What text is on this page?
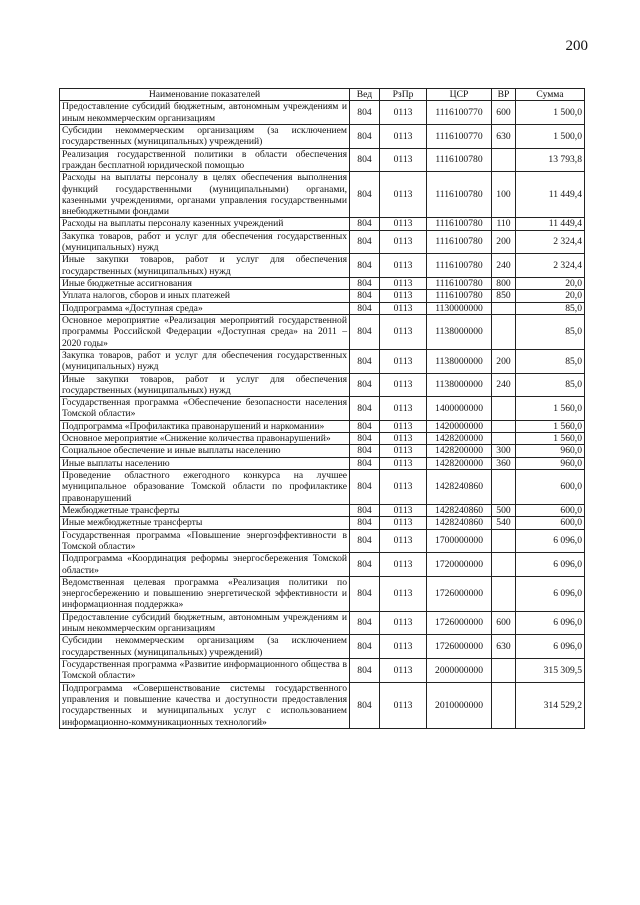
200
Наименование показателей	Вед	РзПр	ЦСР	ВР	Сумма
Предоставление субсидий бюджетным, автономным учреждениям и иным некоммерческим организациям	804	0113	1116100770	600	1 500,0
Субсидии некоммерческим организациям (за исключением государственных (муниципальных) учреждений)	804	0113	1116100770	630	1 500,0
Реализация государственной политики в области обеспечения граждан бесплатной юридической помощью	804	0113	1116100780		13 793,8
Расходы на выплаты персоналу в целях обеспечения выполнения функций государственными (муниципальными) органами, казенными учреждениями, органами управления государственными внебюджетными фондами	804	0113	1116100780	100	11 449,4
Расходы на выплаты персоналу казенных учреждений	804	0113	1116100780	110	11 449,4
Закупка товаров, работ и услуг для обеспечения государственных (муниципальных) нужд	804	0113	1116100780	200	2 324,4
Иные закупки товаров, работ и услуг для обеспечения государственных (муниципальных) нужд	804	0113	1116100780	240	2 324,4
Иные бюджетные ассигнования	804	0113	1116100780	800	20,0
Уплата налогов, сборов и иных платежей	804	0113	1116100780	850	20,0
Подпрограмма «Доступная среда»	804	0113	1130000000		85,0
Основное мероприятие «Реализация мероприятий государственной программы Российской Федерации «Доступная среда» на 2011 – 2020 годы»	804	0113	1138000000		85,0
Закупка товаров, работ и услуг для обеспечения государственных (муниципальных) нужд	804	0113	1138000000	200	85,0
Иные закупки товаров, работ и услуг для обеспечения государственных (муниципальных) нужд	804	0113	1138000000	240	85,0
Государственная программа «Обеспечение безопасности населения Томской области»	804	0113	1400000000		1 560,0
Подпрограмма «Профилактика правонарушений и наркомании»	804	0113	1420000000		1 560,0
Основное мероприятие «Снижение количества правонарушений»	804	0113	1428200000		1 560,0
Социальное обеспечение и иные выплаты населению	804	0113	1428200000	300	960,0
Иные выплаты населению	804	0113	1428200000	360	960,0
Проведение областного ежегодного конкурса на лучшее муниципальное образование Томской области по профилактике правонарушений	804	0113	1428240860		600,0
Межбюджетные трансферты	804	0113	1428240860	500	600,0
Иные межбюджетные трансферты	804	0113	1428240860	540	600,0
Государственная программа «Повышение энергоэффективности в Томской области»	804	0113	1700000000		6 096,0
Подпрограмма «Координация реформы энергосбережения Томской области»	804	0113	1720000000		6 096,0
Ведомственная целевая программа «Реализация политики по энергосбережению и повышению энергетической эффективности и информационная поддержка»	804	0113	1726000000		6 096,0
Предоставление субсидий бюджетным, автономным учреждениям и иным некоммерческим организациям	804	0113	1726000000	600	6 096,0
Субсидии некоммерческим организациям (за исключением государственных (муниципальных) учреждений)	804	0113	1726000000	630	6 096,0
Государственная программа «Развитие информационного общества в Томской области»	804	0113	2000000000		315 309,5
Подпрограмма «Совершенствование системы государственного управления и повышение качества и доступности предоставления государственных и муниципальных услуг с использованием информационно-коммуникационных технологий»	804	0113	2010000000		314 529,2
